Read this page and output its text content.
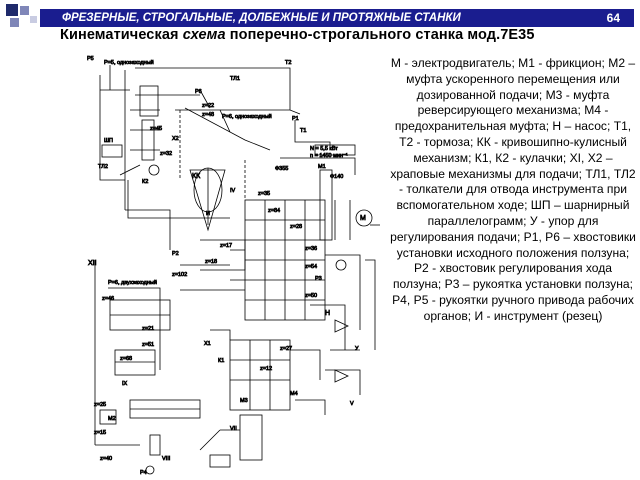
ФРЕЗЕРНЫЕ, СТРОГАЛЬНЫЕ, ДОЛБЕЖНЫЕ И ПРОТЯЖНЫЕ СТАНКИ	64
Кинематическая схема поперечно-строгального станка мод.7Е35
Р5
Р=5, однозаходный
ТЛ1
Т2
Р6
z=22
z=48 Р=6, однозаходный
ШП
ТЛ2
К2
Х2
z=45
z=32
Р1
Т1
N = 5,5 кВт
n = 1450 мин⁻¹
КК
IV
Ф355
Ф140
М1
М
z=35
z=84
z=28
z=17
z=102
z=18
z=36
z=54
z=50
z=21
z=51
z=46
z=68
XII
Р=6, двухзаходный
z=25
z=15
IX
X1
К1
М3
М4
Н
У
И
Р2
Р3
Р4
М2
VIII
VII
V
z=27
z=12
z=40

М - электродвигатель; М1 - фрикцион; М2 – муфта ускоренного перемещения или дозированной подачи; М3 - муфта реверсирующего механизма; М4 - предохранительная муфта; Н – насос; Т1, Т2 - тормоза; КК - кривошипно-кулисный механизм; К1, К2 - кулачки; ХI, Х2 – храповые механизмы для подачи; ТЛ1, ТЛ2 - толкатели для отвода инструмента при вспомогательном ходе; ШП – шарнирный параллелограмм; У - упор для регулирования подачи; Р1, Р6 – хвостовики установки исходного положения ползуна; Р2 - хвостовик регулирования хода ползуна; Р3 – рукоятка установки ползуна; Р4, Р5 - рукоятки ручного привода рабочих органов; И - инструмент (резец)
